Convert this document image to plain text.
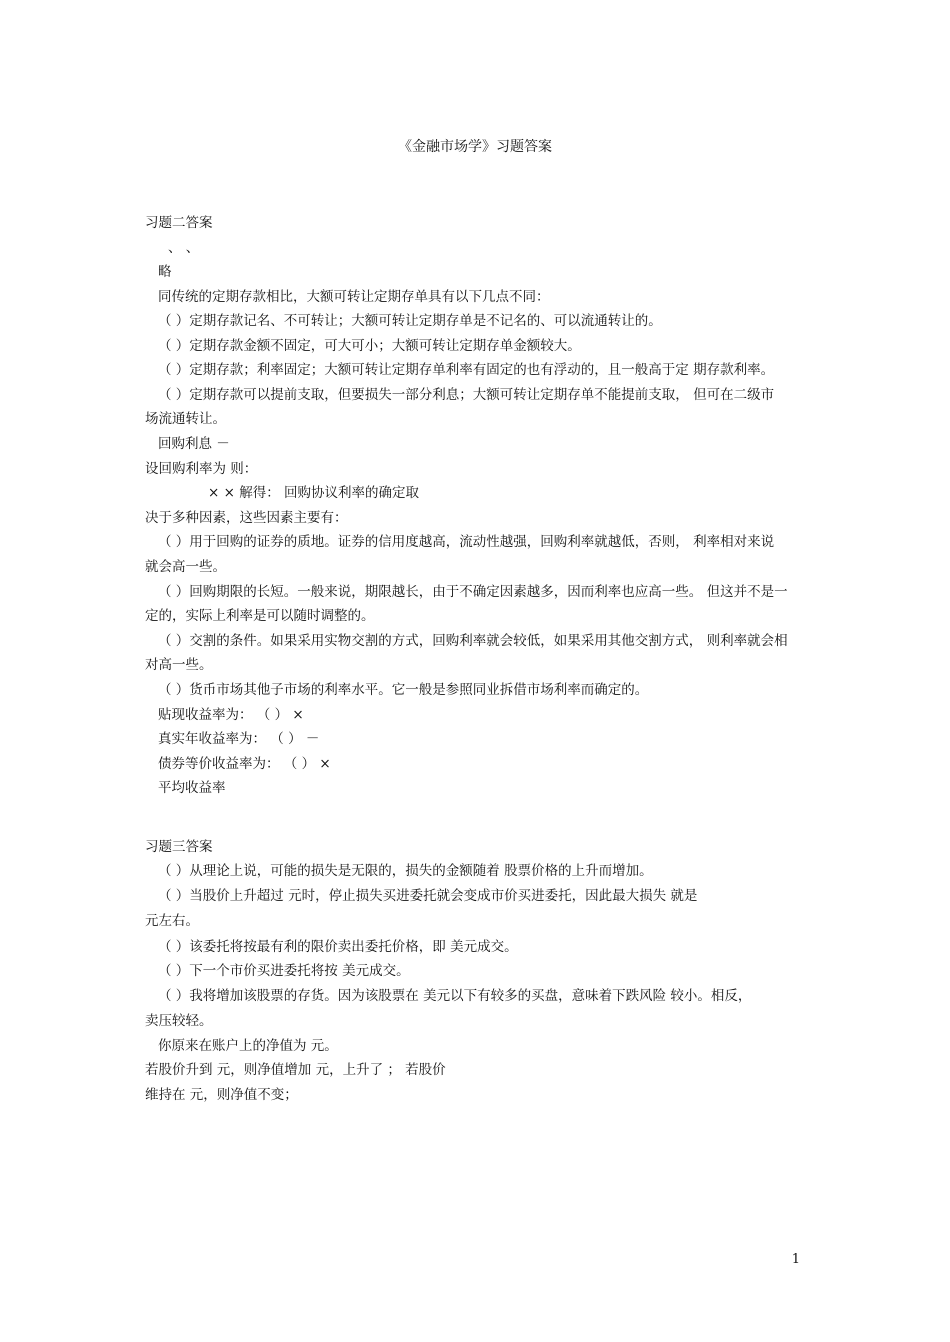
《金融市场学》习题答案
习题二答案
、 、
略
同传统的定期存款相比，大额可转让定期存单具有以下几点不同：
（ ）定期存款记名、不可转让；大额可转让定期存单是不记名的、可以流通转让的。
（ ）定期存款金额不固定，可大可小；大额可转让定期存单金额较大。
（ ）定期存款；利率固定；大额可转让定期存单利率有固定的也有浮动的，且一般高于定 期存款利率。
（ ）定期存款可以提前支取，但要损失一部分利息；大额可转让定期存单不能提前支取， 但可在二级市
场流通转让。
回购利息 －
设回购利率为 则：
× × 解得： 回购协议利率的确定取
决于多种因素，这些因素主要有：
（ ）用于回购的证券的质地。证券的信用度越高，流动性越强，回购利率就越低，否则， 利率相对来说
就会高一些。
（ ）回购期限的长短。一般来说，期限越长，由于不确定因素越多，因而利率也应高一些。 但这并不是一
定的，实际上利率是可以随时调整的。
（ ）交割的条件。如果采用实物交割的方式，回购利率就会较低，如果采用其他交割方式， 则利率就会相
对高一些。
（ ）货币市场其他子市场的利率水平。它一般是参照同业拆借市场利率而确定的。
贴现收益率为： （ ） ×
真实年收益率为： （ ） －
债券等价收益率为： （ ） ×
平均收益率
习题三答案
（ ）从理论上说，可能的损失是无限的，损失的金额随着 股票价格的上升而增加。
（ ）当股价上升超过 元时，停止损失买进委托就会变成市价买进委托，因此最大损失 就是
元左右。
（ ）该委托将按最有利的限价卖出委托价格，即 美元成交。
（ ）下一个市价买进委托将按 美元成交。
（ ）我将增加该股票的存货。因为该股票在 美元以下有较多的买盘，意味着下跌风险 较小。相反，
卖压较轻。
你原来在账户上的净值为 元。
若股价升到 元，则净值增加 元，上升了 ； 若股价
维持在 元，则净值不变；
1
